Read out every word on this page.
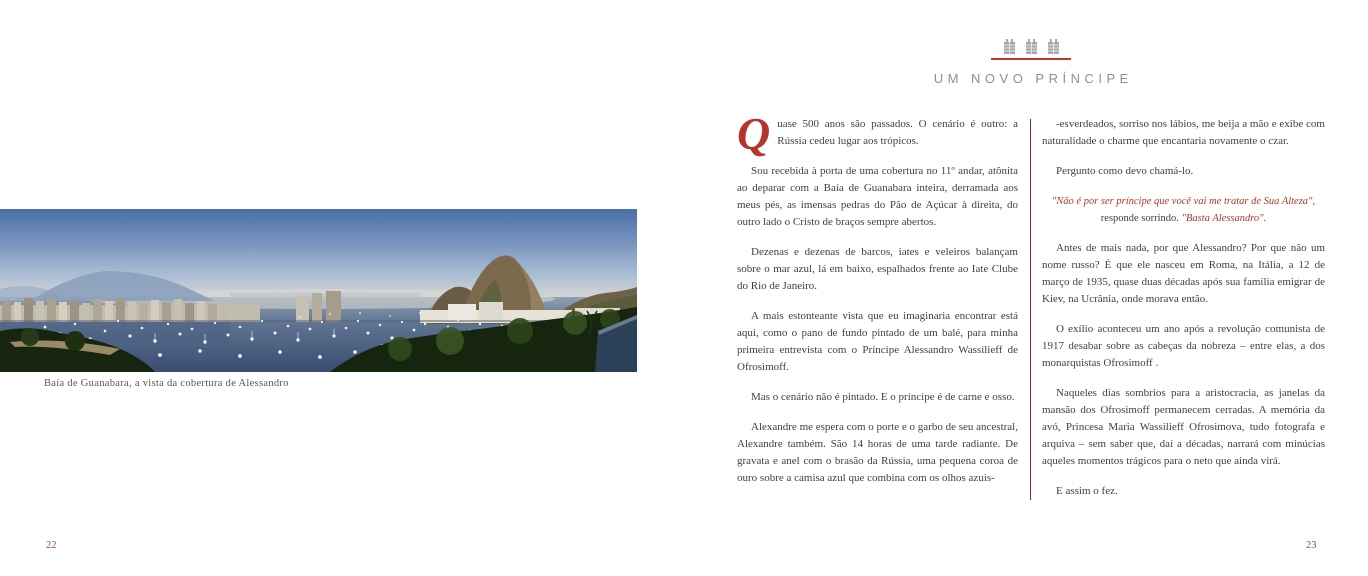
Baía de Guanabara, a vista da cobertura de Alessandro
22
UM NOVO PRÍNCIPE

Quase 500 anos são passados. O cenário é outro: a Rússia cedeu lugar aos trópicos.

Sou recebida à porta de uma cobertura no 11º andar, atônita ao deparar com a Baía de Guanabara inteira, derramada aos meus pés, as imensas pedras do Pão de Açúcar à direita, do outro lado o Cristo de braços sempre abertos.

Dezenas e dezenas de barcos, iates e veleiros balançam sobre o mar azul, lá em baixo, espalhados frente ao Iate Clube do Rio de Janeiro.

A mais estonteante vista que eu imaginaria encontrar está aqui, como o pano de fundo pintado de um balé, para minha primeira entrevista com o Príncipe Alessandro Wassilieff de Ofrosimoff.

Mas o cenário não é pintado. E o príncipe é de carne e osso.

Alexandre me espera com o porte e o garbo de seu ancestral, Alexandre também. São 14 horas de uma tarde radiante. De gravata e anel com o brasão da Rússia, uma pequena coroa de ouro sobre a camisa azul que combina com os olhos azuis-

-esverdeados, sorriso nos lábios, me beija a mão e exibe com naturalidade o charme que encantaria novamente o czar.

Pergunto como devo chamá-lo.

"Não é por ser príncipe que você vai me tratar de Sua Alteza",
responde sorrindo. "Basta Alessandro".

Antes de mais nada, por que Alessandro? Por que não um nome russo? É que ele nasceu em Roma, na Itália, a 12 de março de 1935, quase duas décadas após sua família emigrar de Kiev, na Ucrânia, onde morava então.

O exílio aconteceu um ano após a revolução comunista de 1917 desabar sobre as cabeças da nobreza – entre elas, a dos monarquistas Ofrosimoff .

Naqueles dias sombrios para a aristocracia, as janelas da mansão dos Ofrosimoff permanecem cerradas. A memória da avó, Princesa Maria Wassilieff Ofrosimova, tudo fotografa e arquiva – sem saber que, daí a décadas, narrará com minúcias aqueles momentos trágicos para o neto que ainda virá.

E assim o fez.

23
